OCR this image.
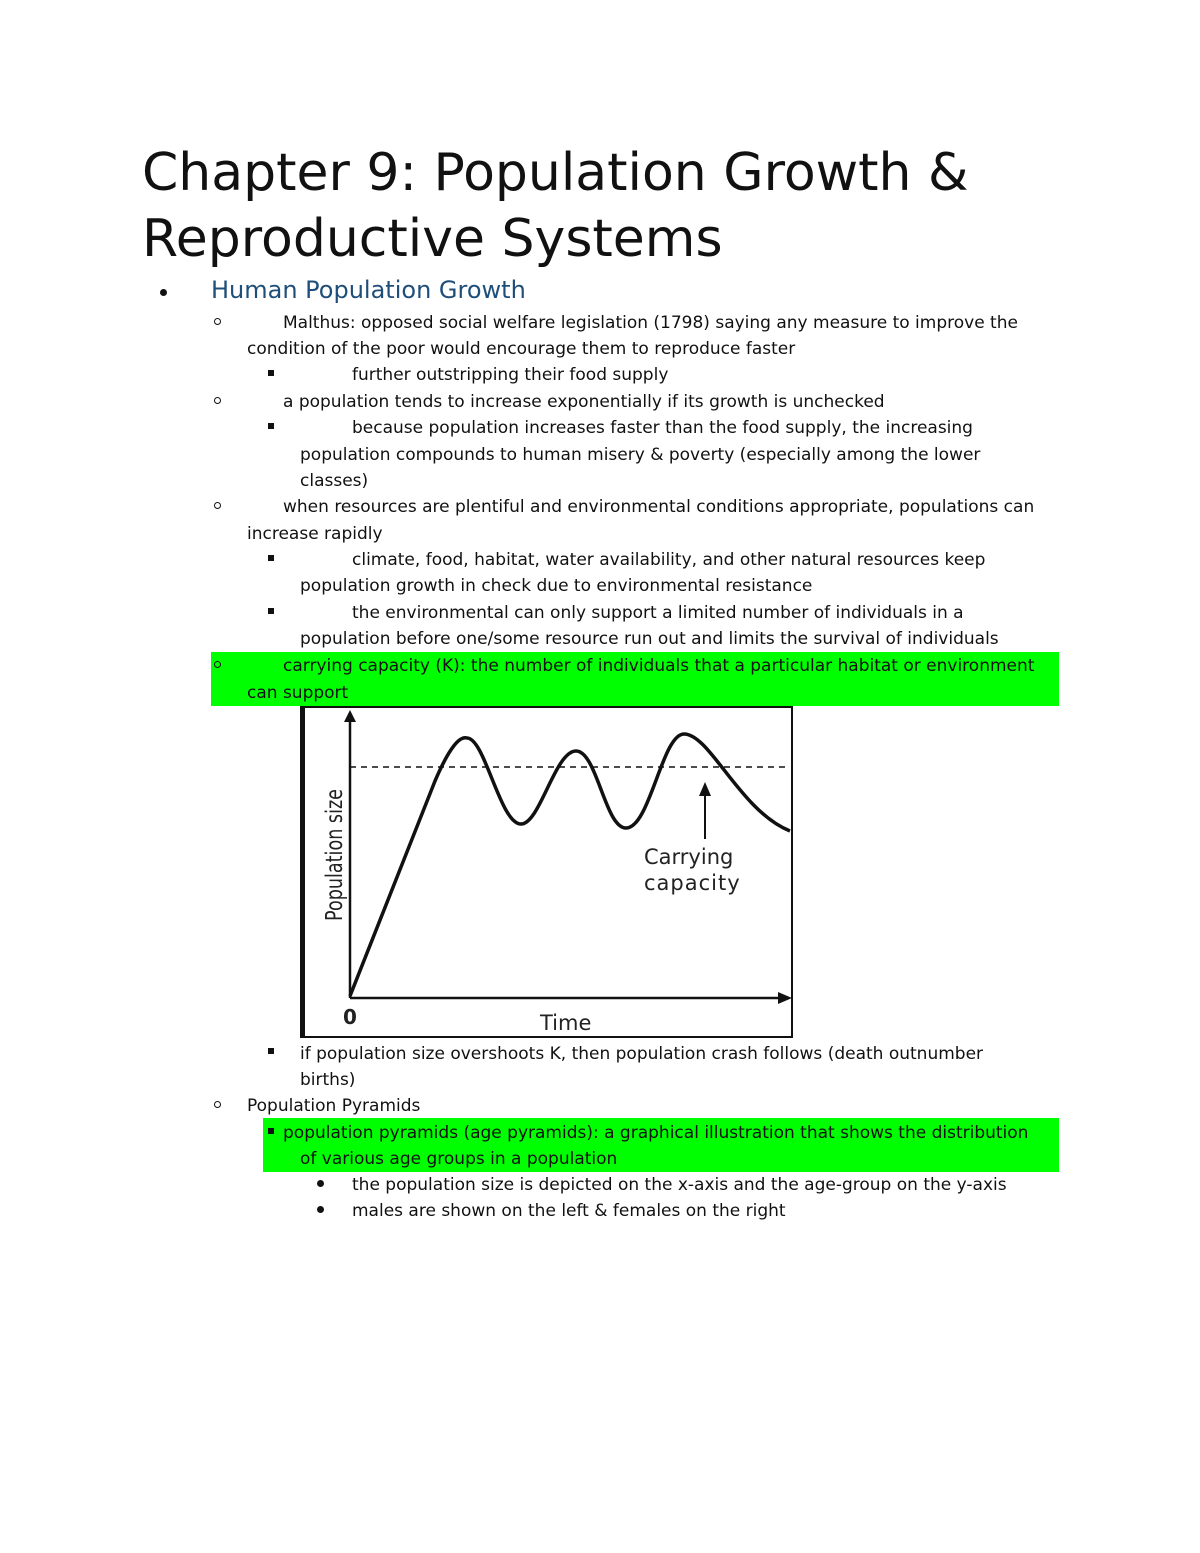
Chapter 9: Population Growth & Reproductive Systems
Human Population Growth
Malthus: opposed social welfare legislation (1798) saying any measure to improve the
condition of the poor would encourage them to reproduce faster
further outstripping their food supply
a population tends to increase exponentially if its growth is unchecked
because population increases faster than the food supply, the increasing
population compounds to human misery & poverty (especially among the lower
classes)
when resources are plentiful and environmental conditions appropriate, populations can
increase rapidly
climate, food, habitat, water availability, and other natural resources keep
population growth in check due to environmental resistance
the environmental can only support a limited number of individuals in a
population before one/some resource run out and limits the survival of individuals
carrying capacity (K): the number of individuals that a particular habitat or environment
can support
Carrying
capacity
Population size
0	Time
if population size overshoots K, then population crash follows (death outnumber
births)
Population Pyramids
population pyramids (age pyramids): a graphical illustration that shows the distribution
of various age groups in a population
the population size is depicted on the x-axis and the age-group on the y-axis
males are shown on the left & females on the right
